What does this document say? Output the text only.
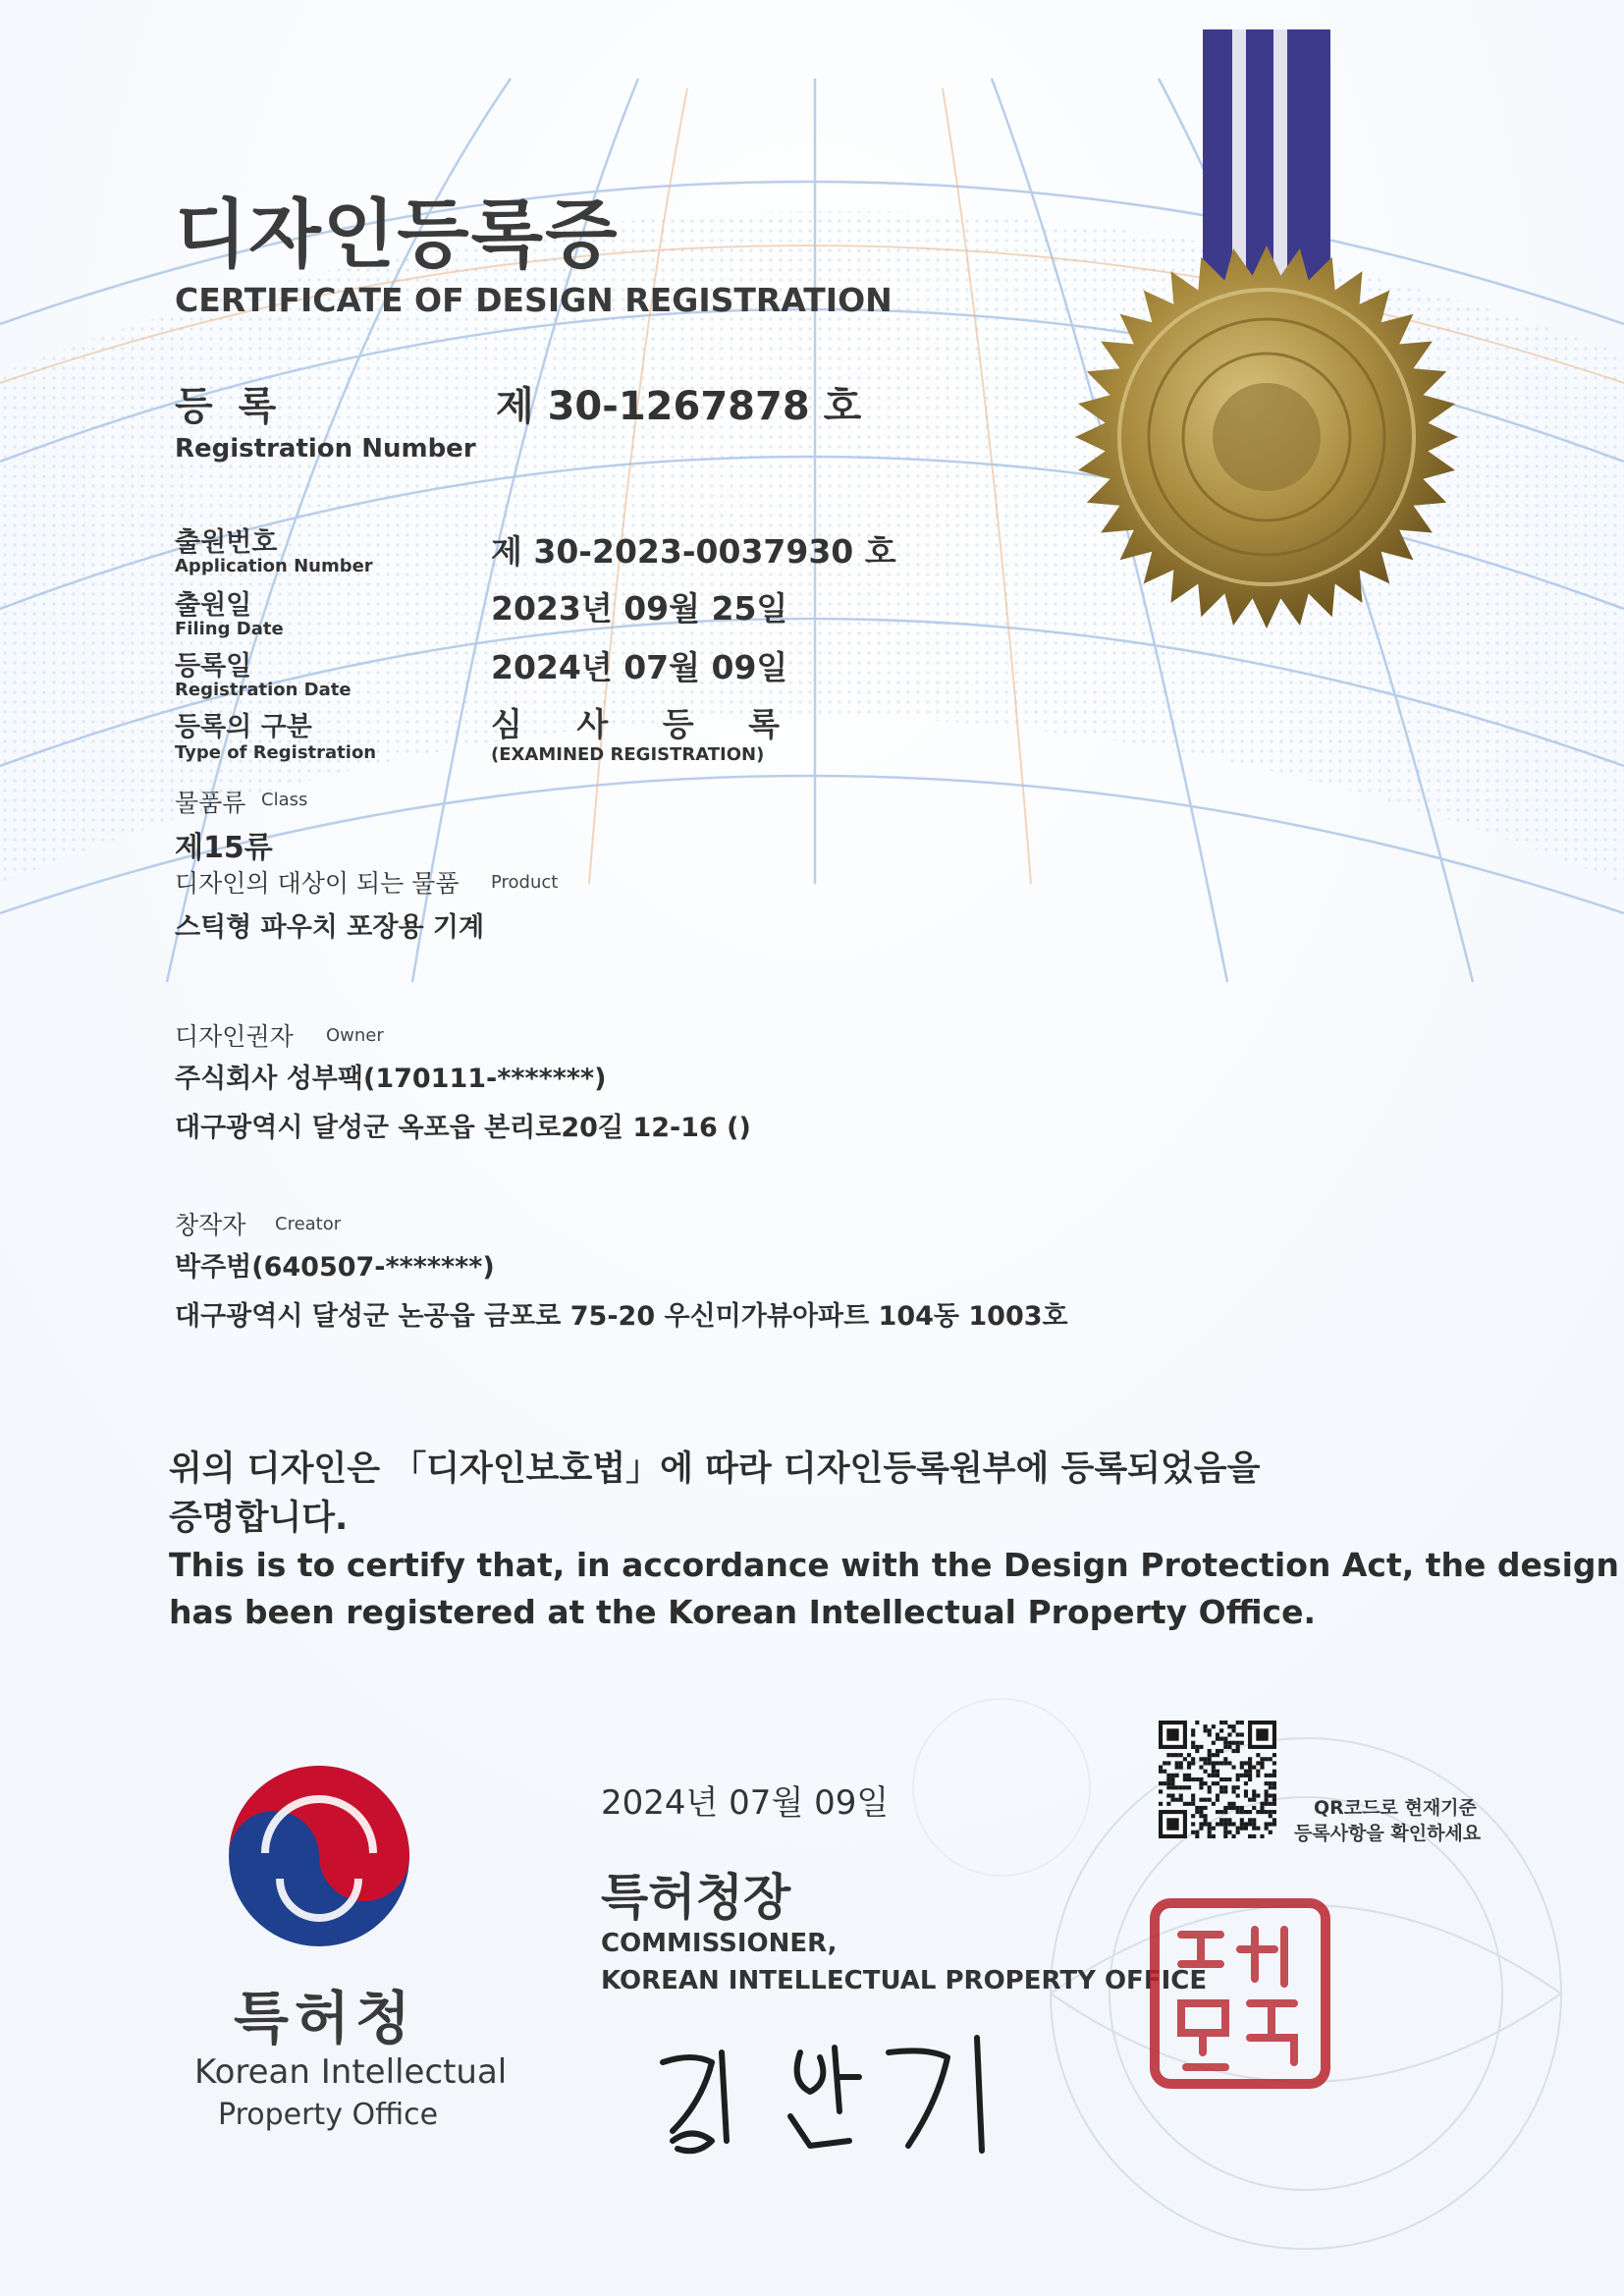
디자인등록증
CERTIFICATE OF DESIGN REGISTRATION
등 록
Registration Number
제 30-1267878 호
출원번호
Application Number	제 30-2023-0037930 호
출원일
Filing Date
2023년 09월 25일
등록일
Registration Date
2024년 07월 09일
등록의 구분
Type of Registration
심 사 등 록
(EXAMINED REGISTRATION)
물품류 Class
제15류
디자인의 대상이 되는 물품 Product
스틱형 파우치 포장용 기계
디자인권자 Owner
주식회사 성부팩(170111-*******)
대구광역시 달성군 옥포읍 본리로20길 12-16 ()
창작자 Creator
박주범(640507-*******)
대구광역시 달성군 논공읍 금포로 75-20 우신미가뷰아파트 104동 1003호
위의 디자인은 「디자인보호법」에 따라 디자인등록원부에 등록되었음을
증명합니다.
This is to certify that, in accordance with the Design Protection Act, the design
has been registered at the Korean Intellectual Property Office.
특허청
Korean Intellectual
Property Office
2024년 07월 09일
특허청장
COMMISSIONER,
KOREAN INTELLECTUAL PROPERTY OFFICE
QR코드로 현재기준
등록사항을 확인하세요
